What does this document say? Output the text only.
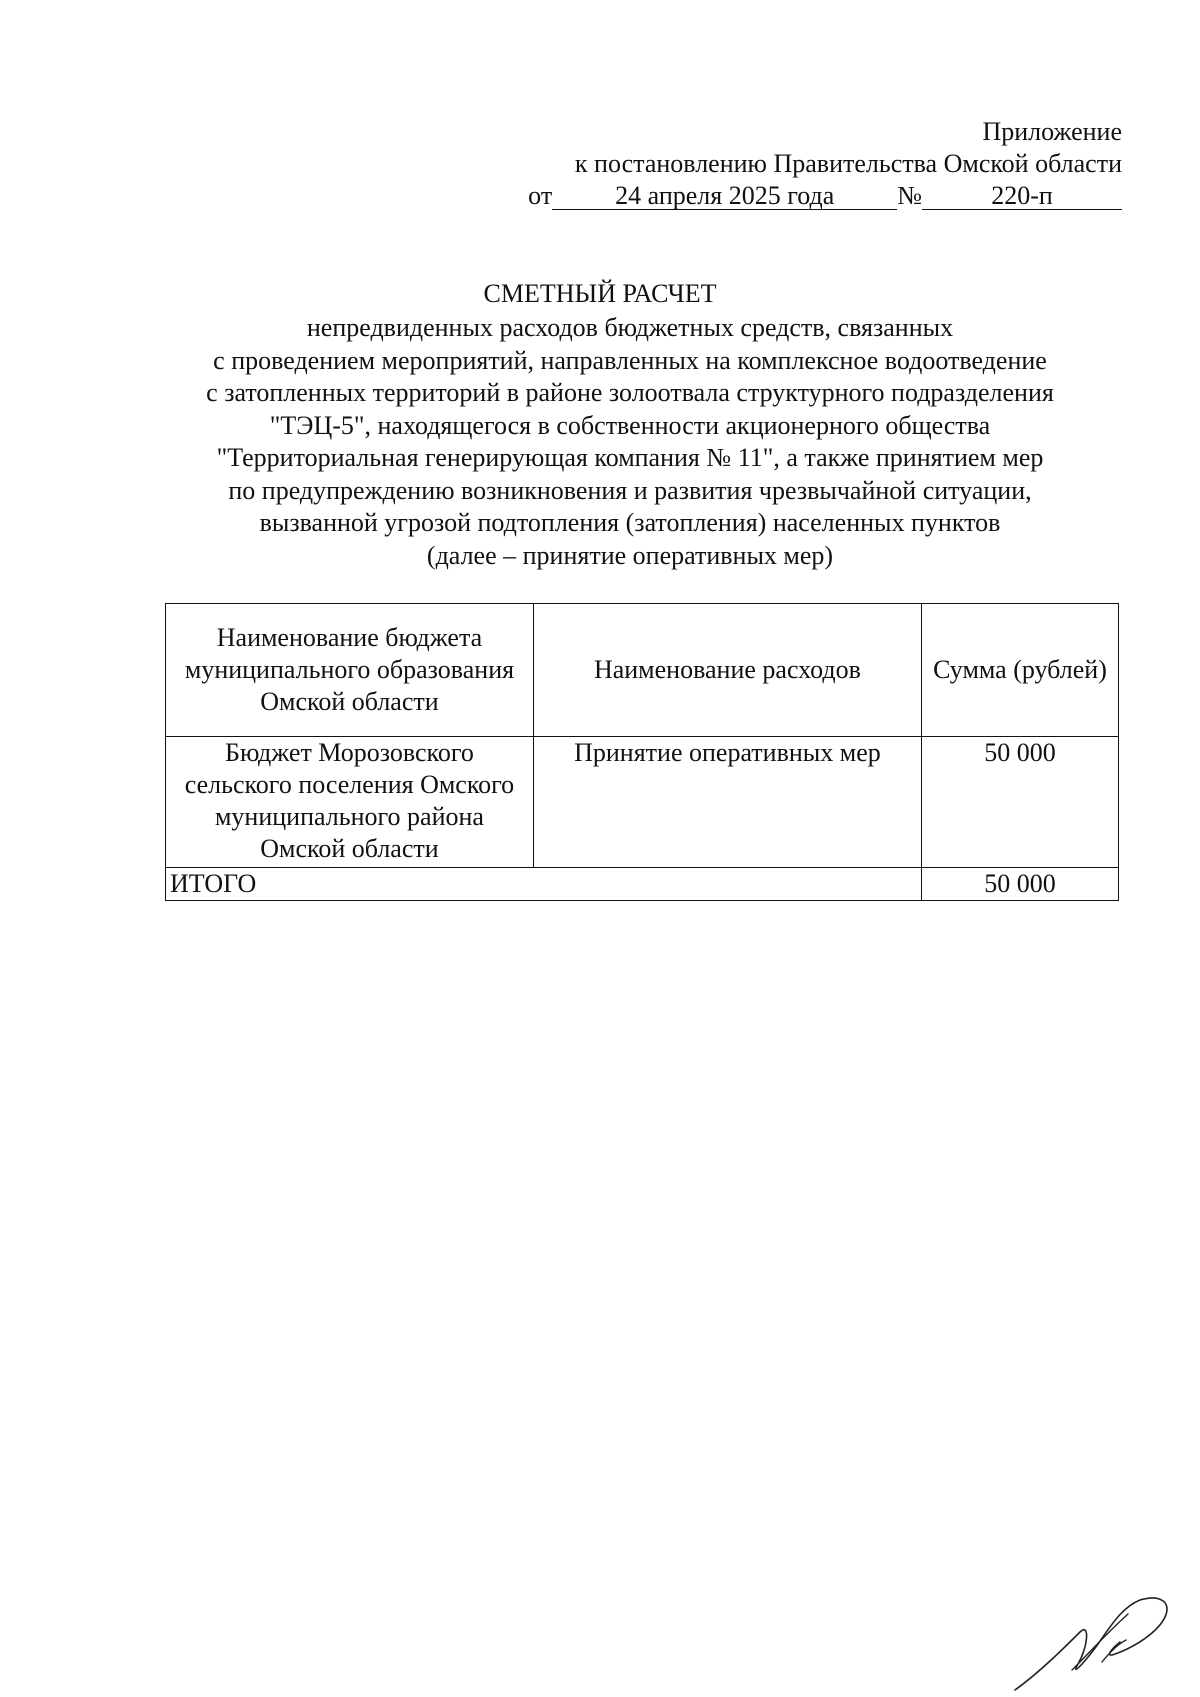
Приложение
к постановлению Правительства Омской области
от 24 апреля 2025 года №	220-п
СМЕТНЫЙ РАСЧЕТ
непредвиденных расходов бюджетных средств, связанных
с проведением мероприятий, направленных на комплексное водоотведение
с затопленных территорий в районе золоотвала структурного подразделения
"ТЭЦ-5", находящегося в собственности акционерного общества
"Территориальная генерирующая компания № 11", а также принятием мер
по предупреждению возникновения и развития чрезвычайной ситуации,
вызванной угрозой подтопления (затопления) населенных пунктов
(далее – принятие оперативных мер)
Наименование бюджета муниципального образования Омской области	Наименование расходов	Сумма (рублей)
Бюджет Морозовского сельского поселения Омского муниципального района Омской области	Принятие оперативных мер	50 000
ИТОГО		50 000
